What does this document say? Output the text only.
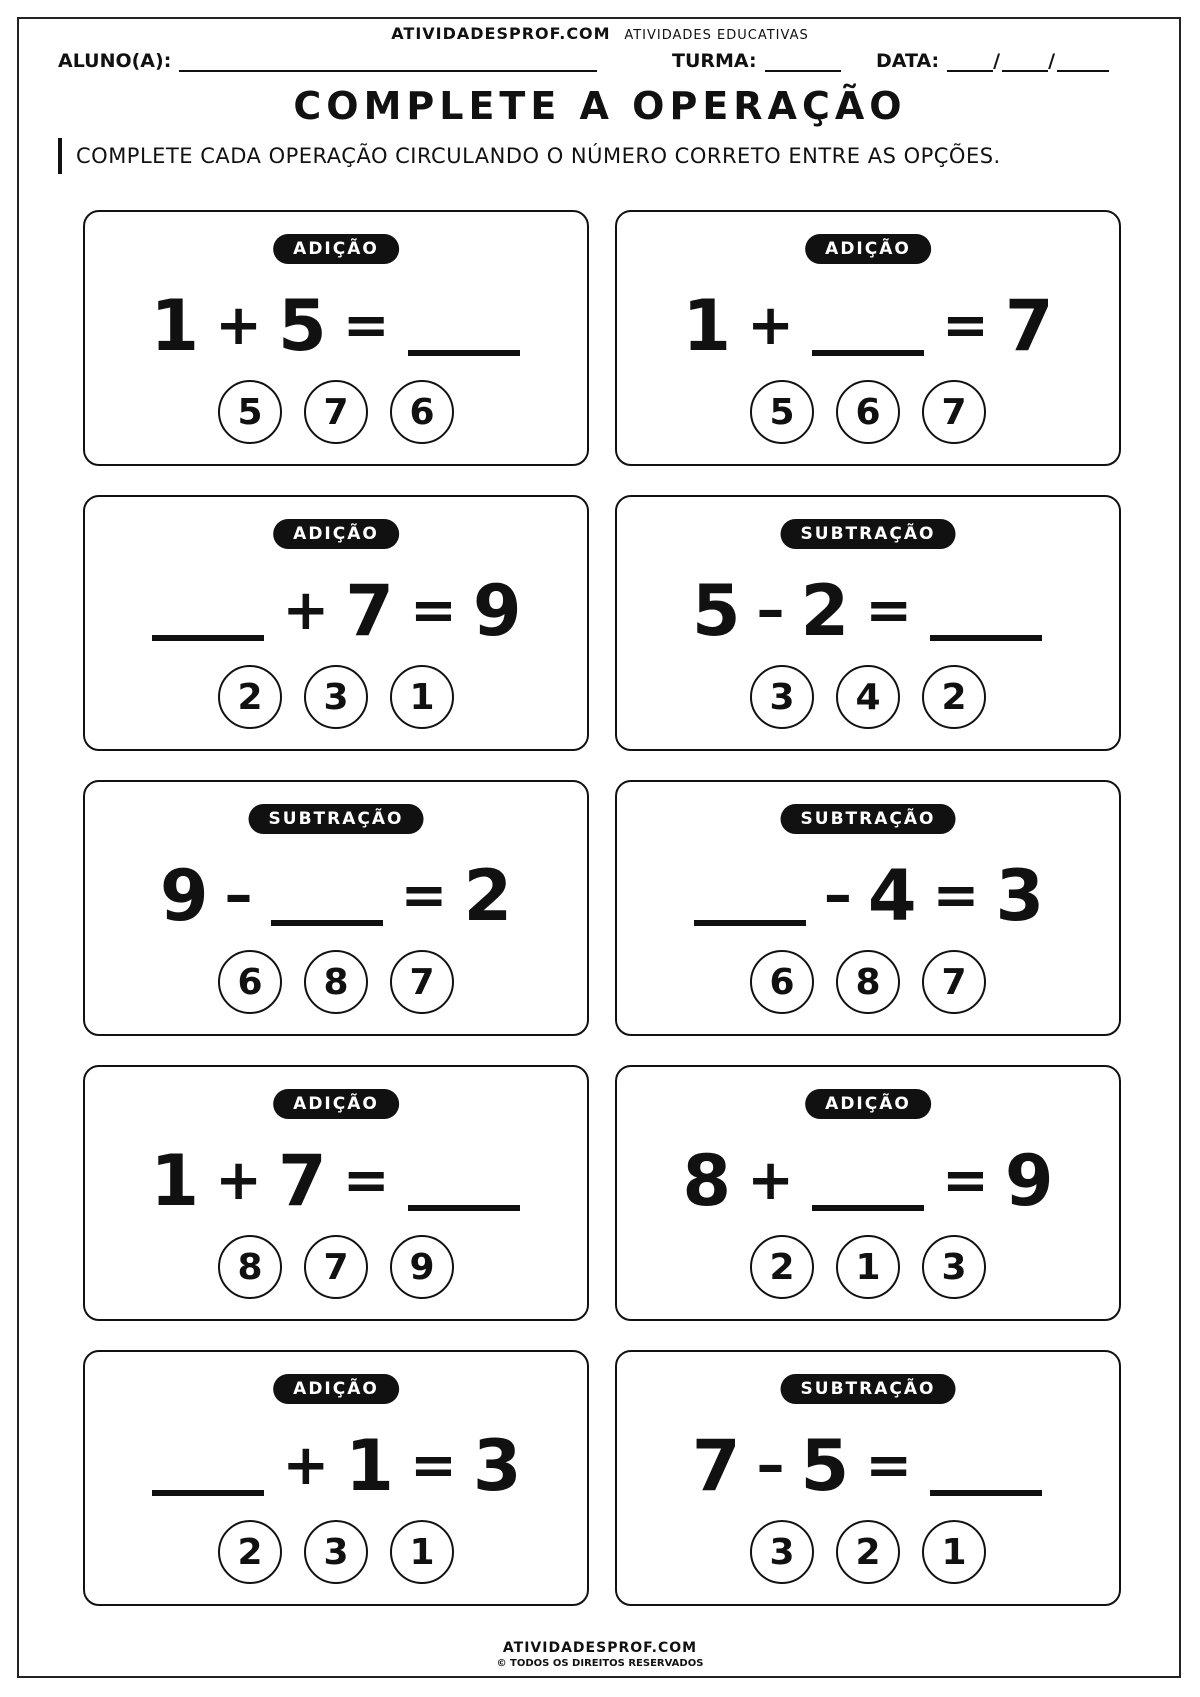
ATIVIDADESPROF.COM ATIVIDADES EDUCATIVAS
ALUNO(A):	TURMA:	DATA:	/	/
COMPLETE A OPERAÇÃO
COMPLETE CADA OPERAÇÃO CIRCULANDO O NÚMERO CORRETO ENTRE AS OPÇÕES.
ADIÇÃO
1 + 5 =
5	7	6
ADIÇÃO
1 +	= 7
5	6	7
ADIÇÃO
+ 7 = 9
2	3	1
SUBTRAÇÃO
5 – 2 =
3	4	2
SUBTRAÇÃO
9 –	= 2
6	8	7
SUBTRAÇÃO
– 4 = 3
6	8	7
ADIÇÃO
1 + 7 =
8	7	9
ADIÇÃO
8 +	= 9
2	1	3
ADIÇÃO
+ 1 = 3
2	3	1
SUBTRAÇÃO
7 – 5 =
3	2	1
ATIVIDADESPROF.COM
© TODOS OS DIREITOS RESERVADOS
